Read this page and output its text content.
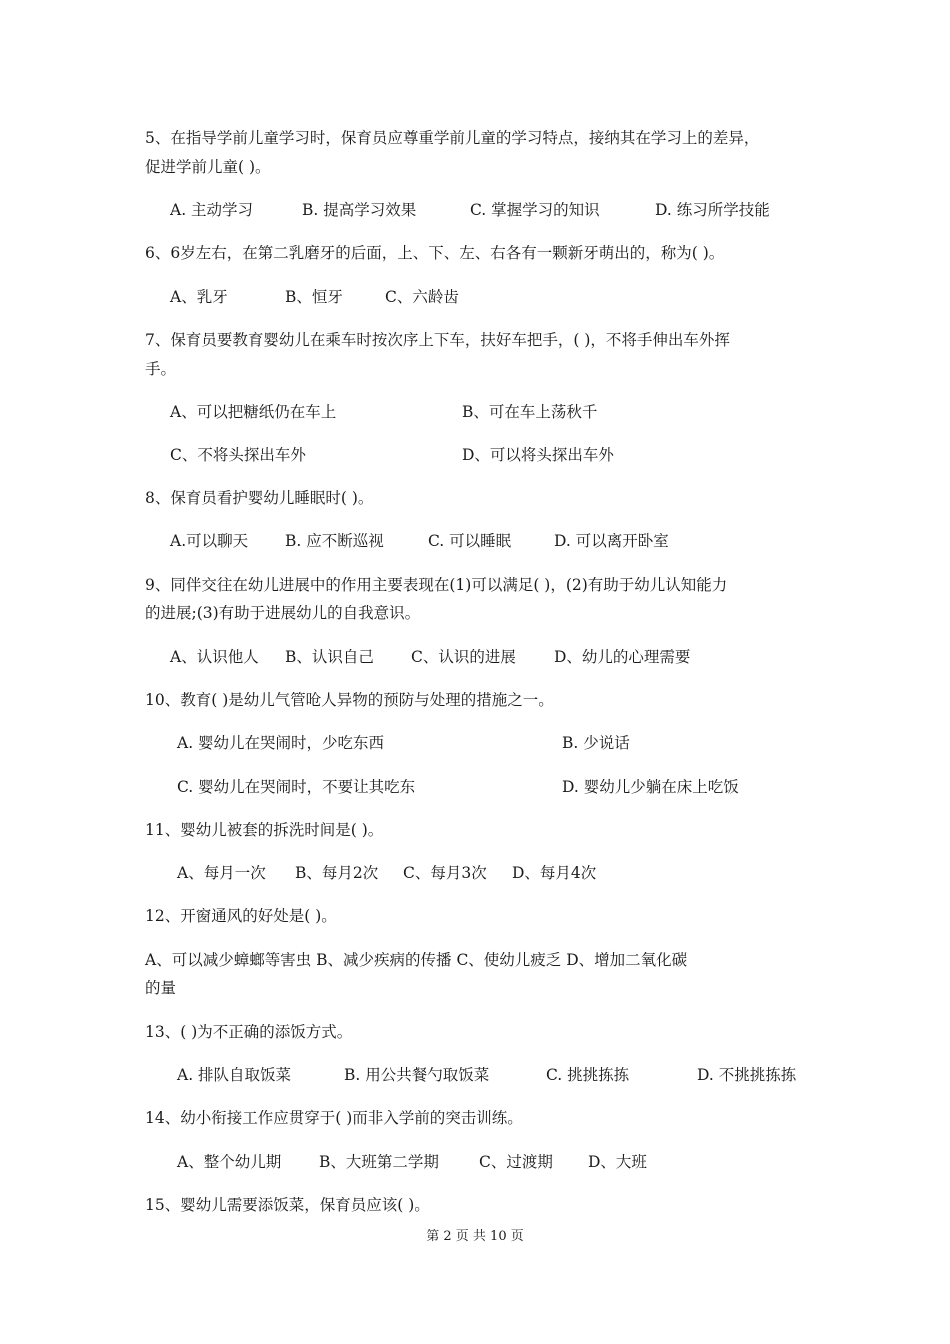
5、在指导学前儿童学习时，保育员应尊重学前儿童的学习特点，接纳其在学习上的差异，
促进学前儿童( )。
A. 主动学习	B. 提高学习效果	C. 掌握学习的知识	D. 练习所学技能
6、6岁左右，在第二乳磨牙的后面，上、下、左、右各有一颗新牙萌出的，称为( )。
A、乳牙	B、恒牙	C、六龄齿
7、保育员要教育婴幼儿在乘车时按次序上下车，扶好车把手，( )，不将手伸出车外挥
手。
A、可以把糖纸仍在车上	B、可在车上荡秋千
C、不将头探出车外	D、可以将头探出车外
8、保育员看护婴幼儿睡眠时( )。
A.可以聊天 B. 应不断巡视	C. 可以睡眠	D. 可以离开卧室
9、同伴交往在幼儿进展中的作用主要表现在(1)可以满足( )，(2)有助于幼儿认知能力
的进展;(3)有助于进展幼儿的自我意识。
A、认识他人 B、认识自己 C、认识的进展 D、幼儿的心理需要
10、教育( )是幼儿气管呛人异物的预防与处理的措施之一。
A. 婴幼儿在哭闹时，少吃东西	B. 少说话
C. 婴幼儿在哭闹时，不要让其吃东	D. 婴幼儿少躺在床上吃饭
11、婴幼儿被套的拆洗时间是( )。
A、每月一次 B、每月2次 C、每月3次 D、每月4次
12、开窗通风的好处是( )。
A、可以减少蟑螂等害虫 B、减少疾病的传播 C、使幼儿疲乏 D、增加二氧化碳
的量
13、( )为不正确的添饭方式。
A. 排队自取饭菜	B. 用公共餐勺取饭菜	C. 挑挑拣拣	D. 不挑挑拣拣
14、幼小衔接工作应贯穿于( )而非入学前的突击训练。
A、整个幼儿期 B、大班第二学期	C、过渡期 D、大班
15、婴幼儿需要添饭菜，保育员应该( )。
第 2 页 共 10 页
